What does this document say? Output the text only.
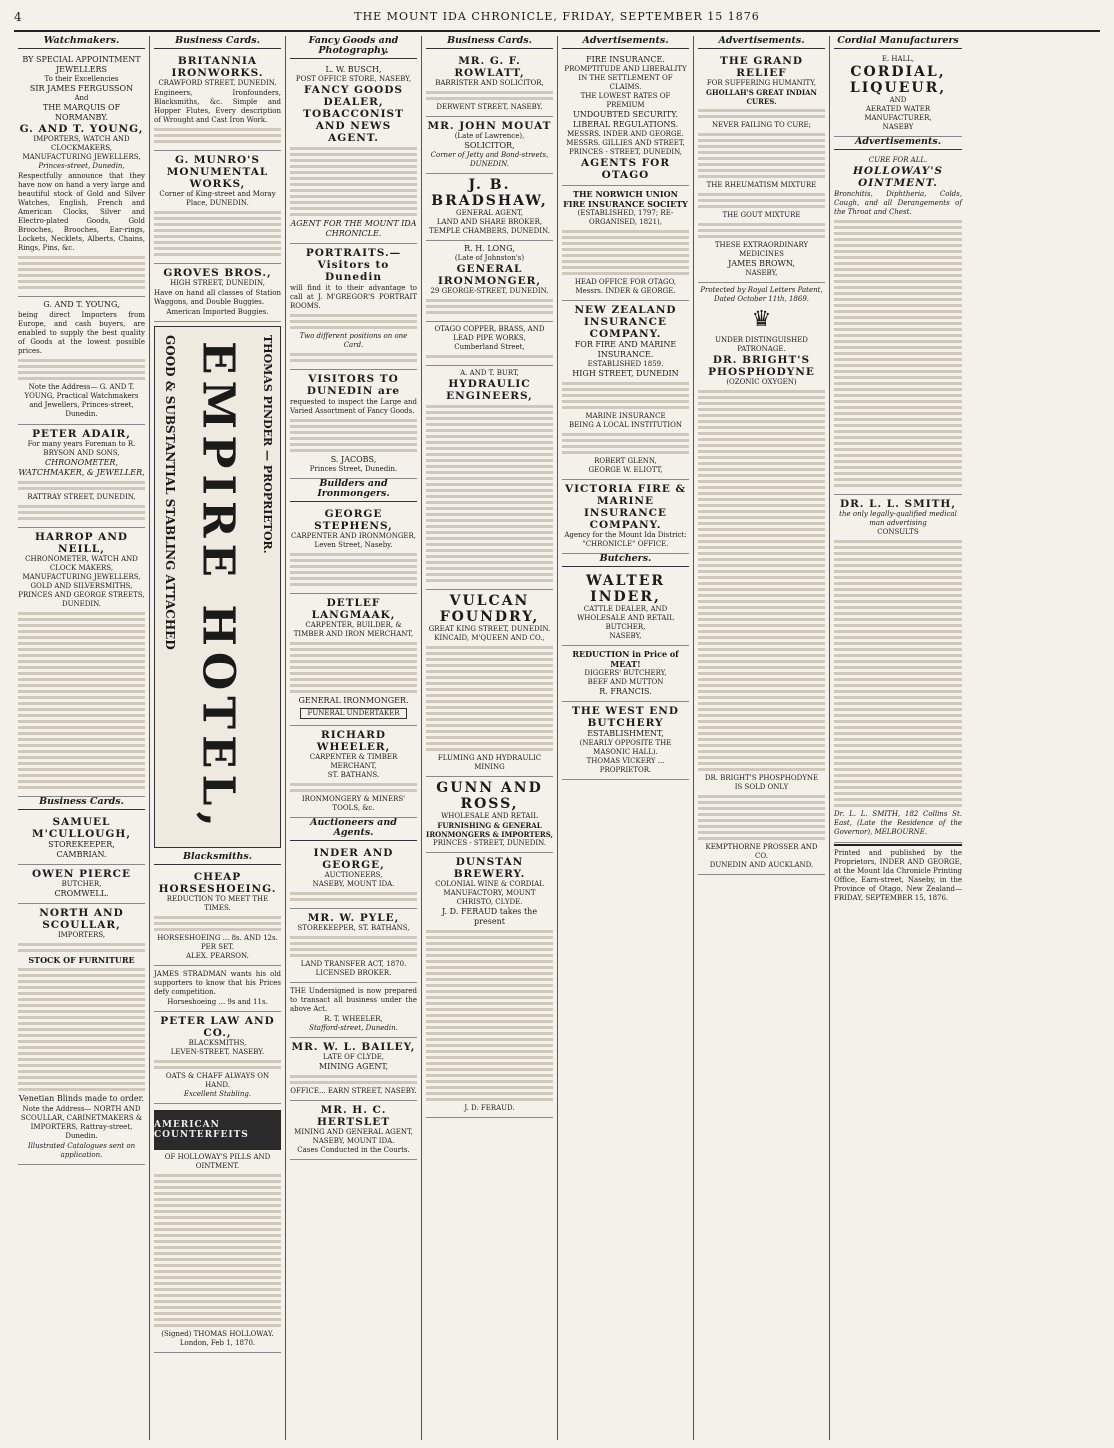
4	THE MOUNT IDA CHRONICLE, FRIDAY, SEPTEMBER 15 1876
Watchmakers.
BY SPECIAL APPOINTMENT JEWELLERS
To their Excellencies
SIR JAMES FERGUSSON
And
THE MARQUIS OF NORMANBY.
G. AND T. YOUNG,
IMPORTERS, WATCH AND CLOCKMAKERS, MANUFACTURING JEWELLERS,
Princes-street, Dunedin,

Respectfully announce that they have now on hand a very large and beautiful stock of Gold and Silver Watches, English, French and American Clocks, Silver and Electro-plated Goods, Gold Brooches, Brooches, Ear-rings, Lockets, Necklets, Alberts, Chains, Rings, Pins, &c.

G. AND T. YOUNG,

being direct Importers from Europe, and cash buyers, are enabled to supply the best quality of Goods at the lowest possible prices.

Note the Address— G. AND T. YOUNG, Practical Watchmakers and Jewellers, Princes-street, Dunedin.

PETER ADAIR,
For many years Foreman to R. BRYSON AND SONS,
CHRONOMETER, WATCHMAKER, & JEWELLER,
RATTRAY STREET, DUNEDIN,
HARROP AND NEILL,
CHRONOMETER, WATCH AND CLOCK MAKERS, MANUFACTURING JEWELLERS,
GOLD AND SILVERSMITHS,
PRINCES AND GEORGE STREETS, DUNEDIN.
Business Cards.
SAMUEL M'CULLOUGH,
STOREKEEPER,
CAMBRIAN.
OWEN PIERCE
BUTCHER,
CROMWELL.
NORTH AND SCOULLAR,
IMPORTERS,
STOCK OF FURNITURE
Venetian Blinds made to order.

Note the Address— NORTH AND SCOULLAR, CABINETMAKERS & IMPORTERS, Rattray-street, Dunedin.

Illustrated Catalogues sent on application.
Business Cards.
BRITANNIA IRONWORKS.
CRAWFORD STREET, DUNEDIN.

Engineers, Ironfounders, Blacksmiths, &c. Simple and Hopper Flutes, Every description of Wrought and Cast Iron Work.

G. MUNRO'S MONUMENTAL WORKS,
Corner of King-street and Moray Place, DUNEDIN.
GROVES BROS.,
HIGH STREET, DUNEDIN,

Have on hand all classes of Station Waggons, and Double Buggies.

American Imported Buggies.
GOOD & SUBSTANTIAL STABLING ATTACHED EMPIRE HOTEL, THOMAS PINDER — PROPRIETOR.
Blacksmiths.
CHEAP HORSESHOEING.
REDUCTION TO MEET THE TIMES.
HORSESHOEING ... 8s. AND 12s. PER SET.
ALEX. PEARSON.

JAMES STRADMAN wants his old supporters to know that his Prices defy competition.

Horseshoeing ... 9s and 11s.
PETER LAW AND CO.,
BLACKSMITHS,
LEVEN-STREET, NASEBY.
OATS & CHAFF ALWAYS ON HAND.
Excellent Stabling.
AMERICAN COUNTERFEITS
OF HOLLOWAY'S PILLS AND OINTMENT.
(Signed) THOMAS HOLLOWAY.
London, Feb 1, 1870.
Fancy Goods and Photography.
L. W. BUSCH,
POST OFFICE STORE, NASEBY,
FANCY GOODS DEALER, TOBACCONIST AND NEWS AGENT.
AGENT FOR THE MOUNT IDA CHRONICLE.
PORTRAITS.—Visitors to Dunedin

will find it to their advantage to call at J. M'GREGOR'S PORTRAIT ROOMS.

Two different positions on one Card.
VISITORS TO DUNEDIN are

requested to inspect the Large and Varied Assortment of Fancy Goods.

S. JACOBS,
Princes Street, Dunedin.
Builders and Ironmongers.
GEORGE STEPHENS,
CARPENTER AND IRONMONGER,
Leven Street, Naseby.
DETLEF LANGMAAK,
CARPENTER, BUILDER, & TIMBER AND IRON MERCHANT,
GENERAL IRONMONGER.
FUNERAL UNDERTAKER
RICHARD WHEELER,
CARPENTER & TIMBER MERCHANT,
ST. BATHANS.
IRONMONGERY & MINERS' TOOLS, &c.
Auctioneers and Agents.
INDER AND GEORGE,
AUCTIONEERS,
NASEBY, MOUNT IDA.
MR. W. PYLE,
STOREKEEPER, ST. BATHANS,
LAND TRANSFER ACT, 1870.
LICENSED BROKER.

THE Undersigned is now prepared to transact all business under the above Act.

R. T. WHEELER,
Stafford-street, Dunedin.
MR. W. L. BAILEY,
LATE OF CLYDE,
MINING AGENT,
OFFICE... EARN STREET, NASEBY.
MR. H. C. HERTSLET
MINING AND GENERAL AGENT,
NASEBY, MOUNT IDA.
Cases Conducted in the Courts.
Business Cards.
MR. G. F. ROWLATT,
BARRISTER AND SOLICITOR,
DERWENT STREET, NASEBY.
MR. JOHN MOUAT
(Late of Lawrence),
SOLICITOR,
Corner of Jetty and Bond-streets, DUNEDIN.
J. B. BRADSHAW,
GENERAL AGENT,
LAND AND SHARE BROKER,
TEMPLE CHAMBERS, DUNEDIN.
R. H. LONG,
(Late of Johnston's)
GENERAL IRONMONGER,
29 GEORGE-STREET, DUNEDIN.
OTAGO COPPER, BRASS, AND LEAD PIPE WORKS,
Cumberland Street,
A. AND T. BURT,
HYDRAULIC ENGINEERS,
VULCAN FOUNDRY,
GREAT KING STREET, DUNEDIN.
KINCAID, M'QUEEN AND CO.,
FLUMING AND HYDRAULIC MINING
GUNN AND ROSS,
WHOLESALE AND RETAIL
FURNISHING & GENERAL IRONMONGERS & IMPORTERS,
PRINCES - STREET, DUNEDIN.
DUNSTAN BREWERY.
COLONIAL WINE & CORDIAL MANUFACTORY, MOUNT CHRISTO, CLYDE.
J. D. FERAUD takes the present
J. D. FERAUD.
Advertisements.
FIRE INSURANCE.
PROMPTITUDE AND LIBERALITY IN THE SETTLEMENT OF CLAIMS.
THE LOWEST RATES OF PREMIUM
UNDOUBTED SECURITY.
LIBERAL REGULATIONS.
MESSRS. INDER AND GEORGE.
MESSRS. GILLIES AND STREET,
PRINCES - STREET, DUNEDIN,
AGENTS FOR OTAGO
THE NORWICH UNION FIRE INSURANCE SOCIETY
(ESTABLISHED, 1797; RE-ORGANISED, 1821),
HEAD OFFICE FOR OTAGO,
Messrs. INDER & GEORGE.
NEW ZEALAND INSURANCE COMPANY.
FOR FIRE AND MARINE INSURANCE.
ESTABLISHED 1859.
HIGH STREET, DUNEDIN
MARINE INSURANCE
BEING A LOCAL INSTITUTION
ROBERT GLENN,
GEORGE W. ELIOTT,
VICTORIA FIRE & MARINE INSURANCE COMPANY.
Agency for the Mount Ida District: "CHRONICLE" OFFICE.
Butchers.
WALTER INDER,
CATTLE DEALER, AND WHOLESALE AND RETAIL BUTCHER,
NASEBY,
REDUCTION in Price of MEAT!
DIGGERS' BUTCHERY,
BEEF AND MUTTON
R. FRANCIS.
THE WEST END BUTCHERY
ESTABLISHMENT,
(NEARLY OPPOSITE THE MASONIC HALL).
THOMAS VICKERY ... PROPRIETOR.
Advertisements.
THE GRAND RELIEF
FOR SUFFERING HUMANITY,
GHOLLAH'S GREAT INDIAN CURES.
NEVER FAILING TO CURE;
THE RHEUMATISM MIXTURE
THE GOUT MIXTURE
THESE EXTRAORDINARY MEDICINES
JAMES BROWN,
NASEBY,
Protected by Royal Letters Patent, Dated October 11th, 1869.
♛
UNDER DISTINGUISHED PATRONAGE.
DR. BRIGHT'S PHOSPHODYNE
(OZONIC OXYGEN)
DR. BRIGHT'S PHOSPHODYNE
IS SOLD ONLY
KEMPTHORNE PROSSER AND CO.
DUNEDIN AND AUCKLAND.
Cordial Manufacturers
E. HALL,
CORDIAL, LIQUEUR,
AND
AERATED WATER MANUFACTURER,
NASEBY
Advertisements.
CURE FOR ALL.
HOLLOWAY'S OINTMENT.

Bronchitis, Diphtheria, Colds, Cough, and all Derangements of the Throat and Chest.

DR. L. L. SMITH,
the only legally-qualified medical man advertising
CONSULTS

Dr. L. L. SMITH, 182 Collins St. East, (Late the Residence of the Governor), MELBOURNE.

Printed and published by the Proprietors, INDER AND GEORGE, at the Mount Ida Chronicle Printing Office, Earn-street, Naseby, in the Province of Otago, New Zealand—FRIDAY, SEPTEMBER 15, 1876.
